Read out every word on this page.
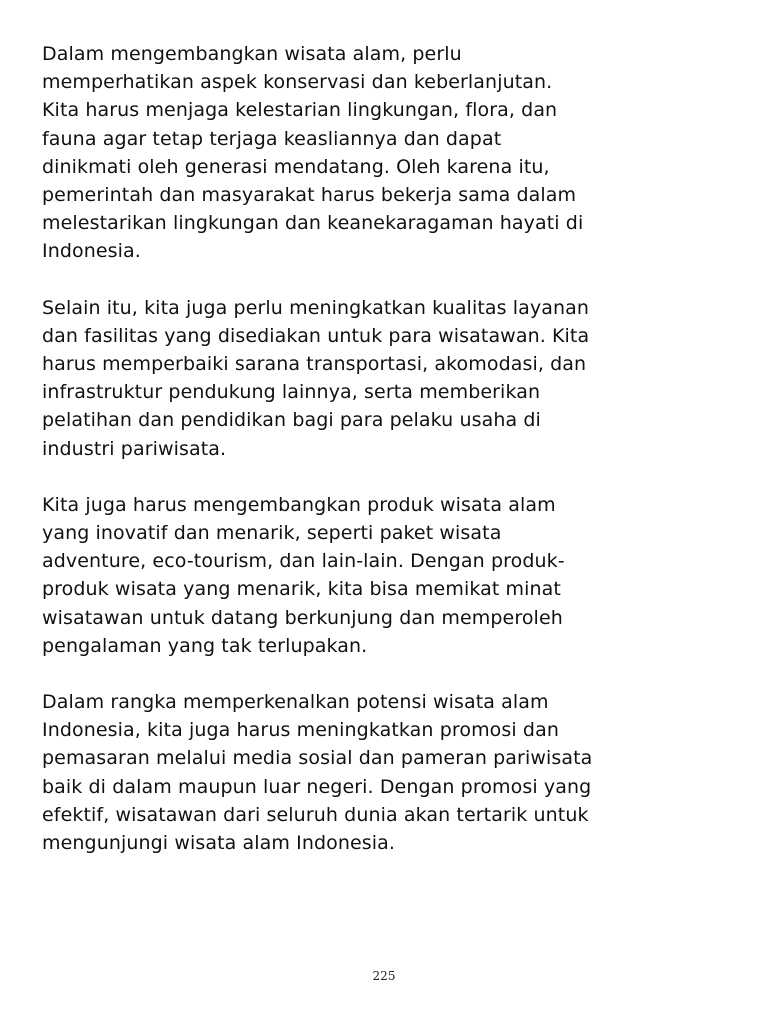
Dalam mengembangkan wisata alam, perlu
memperhatikan aspek konservasi dan keberlanjutan.
Kita harus menjaga kelestarian lingkungan, flora, dan
fauna agar tetap terjaga keasliannya dan dapat
dinikmati oleh generasi mendatang. Oleh karena itu,
pemerintah dan masyarakat harus bekerja sama dalam
melestarikan lingkungan dan keanekaragaman hayati di
Indonesia.

Selain itu, kita juga perlu meningkatkan kualitas layanan
dan fasilitas yang disediakan untuk para wisatawan. Kita
harus memperbaiki sarana transportasi, akomodasi, dan
infrastruktur pendukung lainnya, serta memberikan
pelatihan dan pendidikan bagi para pelaku usaha di
industri pariwisata.

Kita juga harus mengembangkan produk wisata alam
yang inovatif dan menarik, seperti paket wisata
adventure, eco-tourism, dan lain-lain. Dengan produk-
produk wisata yang menarik, kita bisa memikat minat
wisatawan untuk datang berkunjung dan memperoleh
pengalaman yang tak terlupakan.

Dalam rangka memperkenalkan potensi wisata alam
Indonesia, kita juga harus meningkatkan promosi dan
pemasaran melalui media sosial dan pameran pariwisata
baik di dalam maupun luar negeri. Dengan promosi yang
efektif, wisatawan dari seluruh dunia akan tertarik untuk
mengunjungi wisata alam Indonesia.

225
